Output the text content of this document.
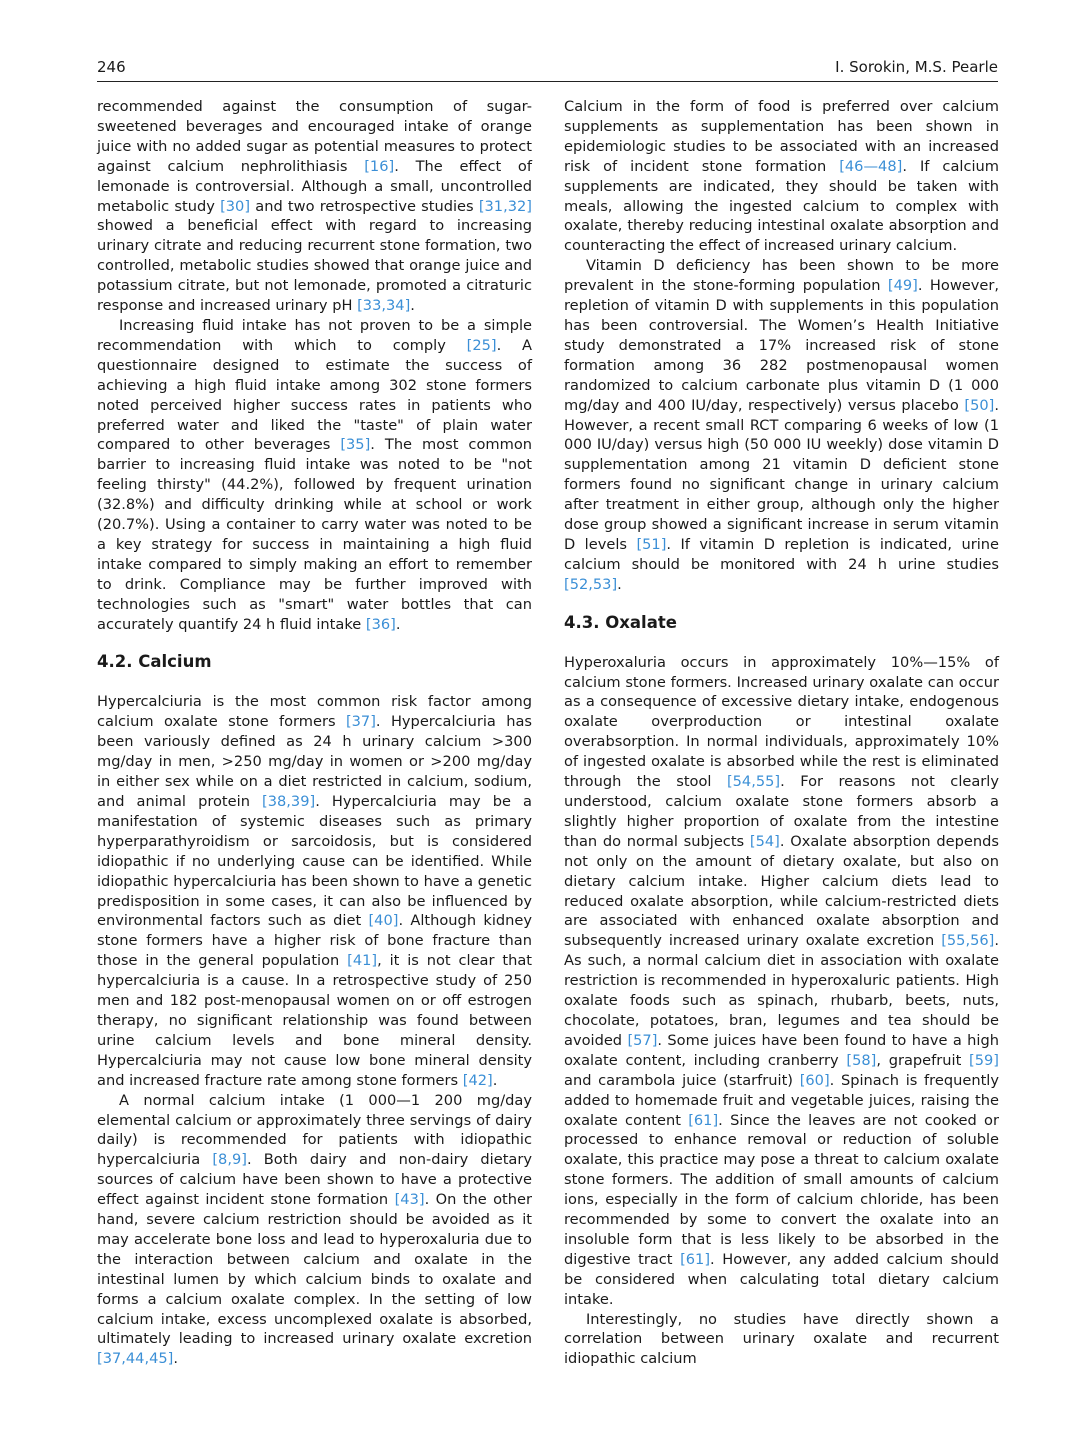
246	I. Sorokin, M.S. Pearle

recommended against the consumption of sugar-sweetened beverages and encouraged intake of orange juice with no added sugar as potential measures to protect against calcium nephrolithiasis [16]. The effect of lemonade is controversial. Although a small, uncontrolled metabolic study [30] and two retrospective studies [31,32] showed a beneficial effect with regard to increasing urinary citrate and reducing recurrent stone formation, two controlled, metabolic studies showed that orange juice and potassium citrate, but not lemonade, promoted a citraturic response and increased urinary pH [33,34].

Increasing fluid intake has not proven to be a simple recommendation with which to comply [25]. A questionnaire designed to estimate the success of achieving a high fluid intake among 302 stone formers noted perceived higher success rates in patients who preferred water and liked the "taste" of plain water compared to other beverages [35]. The most common barrier to increasing fluid intake was noted to be "not feeling thirsty" (44.2%), followed by frequent urination (32.8%) and difficulty drinking while at school or work (20.7%). Using a container to carry water was noted to be a key strategy for success in maintaining a high fluid intake compared to simply making an effort to remember to drink. Compliance may be further improved with technologies such as "smart" water bottles that can accurately quantify 24 h fluid intake [36].

4.2. Calcium

Hypercalciuria is the most common risk factor among calcium oxalate stone formers [37]. Hypercalciuria has been variously defined as 24 h urinary calcium >300 mg/day in men, >250 mg/day in women or >200 mg/day in either sex while on a diet restricted in calcium, sodium, and animal protein [38,39]. Hypercalciuria may be a manifestation of systemic diseases such as primary hyperparathyroidism or sarcoidosis, but is considered idiopathic if no underlying cause can be identified. While idiopathic hypercalciuria has been shown to have a genetic predisposition in some cases, it can also be influenced by environmental factors such as diet [40]. Although kidney stone formers have a higher risk of bone fracture than those in the general population [41], it is not clear that hypercalciuria is a cause. In a retrospective study of 250 men and 182 post-menopausal women on or off estrogen therapy, no significant relationship was found between urine calcium levels and bone mineral density. Hypercalciuria may not cause low bone mineral density and increased fracture rate among stone formers [42].

A normal calcium intake (1 000—1 200 mg/day elemental calcium or approximately three servings of dairy daily) is recommended for patients with idiopathic hypercalciuria [8,9]. Both dairy and non-dairy dietary sources of calcium have been shown to have a protective effect against incident stone formation [43]. On the other hand, severe calcium restriction should be avoided as it may accelerate bone loss and lead to hyperoxaluria due to the interaction between calcium and oxalate in the intestinal lumen by which calcium binds to oxalate and forms a calcium oxalate complex. In the setting of low calcium intake, excess uncomplexed oxalate is absorbed, ultimately leading to increased urinary oxalate excretion [37,44,45].

Calcium in the form of food is preferred over calcium supplements as supplementation has been shown in epidemiologic studies to be associated with an increased risk of incident stone formation [46—48]. If calcium supplements are indicated, they should be taken with meals, allowing the ingested calcium to complex with oxalate, thereby reducing intestinal oxalate absorption and counteracting the effect of increased urinary calcium.

Vitamin D deficiency has been shown to be more prevalent in the stone-forming population [49]. However, repletion of vitamin D with supplements in this population has been controversial. The Women’s Health Initiative study demonstrated a 17% increased risk of stone formation among 36 282 postmenopausal women randomized to calcium carbonate plus vitamin D (1 000 mg/day and 400 IU/day, respectively) versus placebo [50]. However, a recent small RCT comparing 6 weeks of low (1 000 IU/day) versus high (50 000 IU weekly) dose vitamin D supplementation among 21 vitamin D deficient stone formers found no significant change in urinary calcium after treatment in either group, although only the higher dose group showed a significant increase in serum vitamin D levels [51]. If vitamin D repletion is indicated, urine calcium should be monitored with 24 h urine studies [52,53].

4.3. Oxalate

Hyperoxaluria occurs in approximately 10%—15% of calcium stone formers. Increased urinary oxalate can occur as a consequence of excessive dietary intake, endogenous oxalate overproduction or intestinal oxalate overabsorption. In normal individuals, approximately 10% of ingested oxalate is absorbed while the rest is eliminated through the stool [54,55]. For reasons not clearly understood, calcium oxalate stone formers absorb a slightly higher proportion of oxalate from the intestine than do normal subjects [54]. Oxalate absorption depends not only on the amount of dietary oxalate, but also on dietary calcium intake. Higher calcium diets lead to reduced oxalate absorption, while calcium-restricted diets are associated with enhanced oxalate absorption and subsequently increased urinary oxalate excretion [55,56]. As such, a normal calcium diet in association with oxalate restriction is recommended in hyperoxaluric patients. High oxalate foods such as spinach, rhubarb, beets, nuts, chocolate, potatoes, bran, legumes and tea should be avoided [57]. Some juices have been found to have a high oxalate content, including cranberry [58], grapefruit [59] and carambola juice (starfruit) [60]. Spinach is frequently added to homemade fruit and vegetable juices, raising the oxalate content [61]. Since the leaves are not cooked or processed to enhance removal or reduction of soluble oxalate, this practice may pose a threat to calcium oxalate stone formers. The addition of small amounts of calcium ions, especially in the form of calcium chloride, has been recommended by some to convert the oxalate into an insoluble form that is less likely to be absorbed in the digestive tract [61]. However, any added calcium should be considered when calculating total dietary calcium intake.

Interestingly, no studies have directly shown a correlation between urinary oxalate and recurrent idiopathic calcium
